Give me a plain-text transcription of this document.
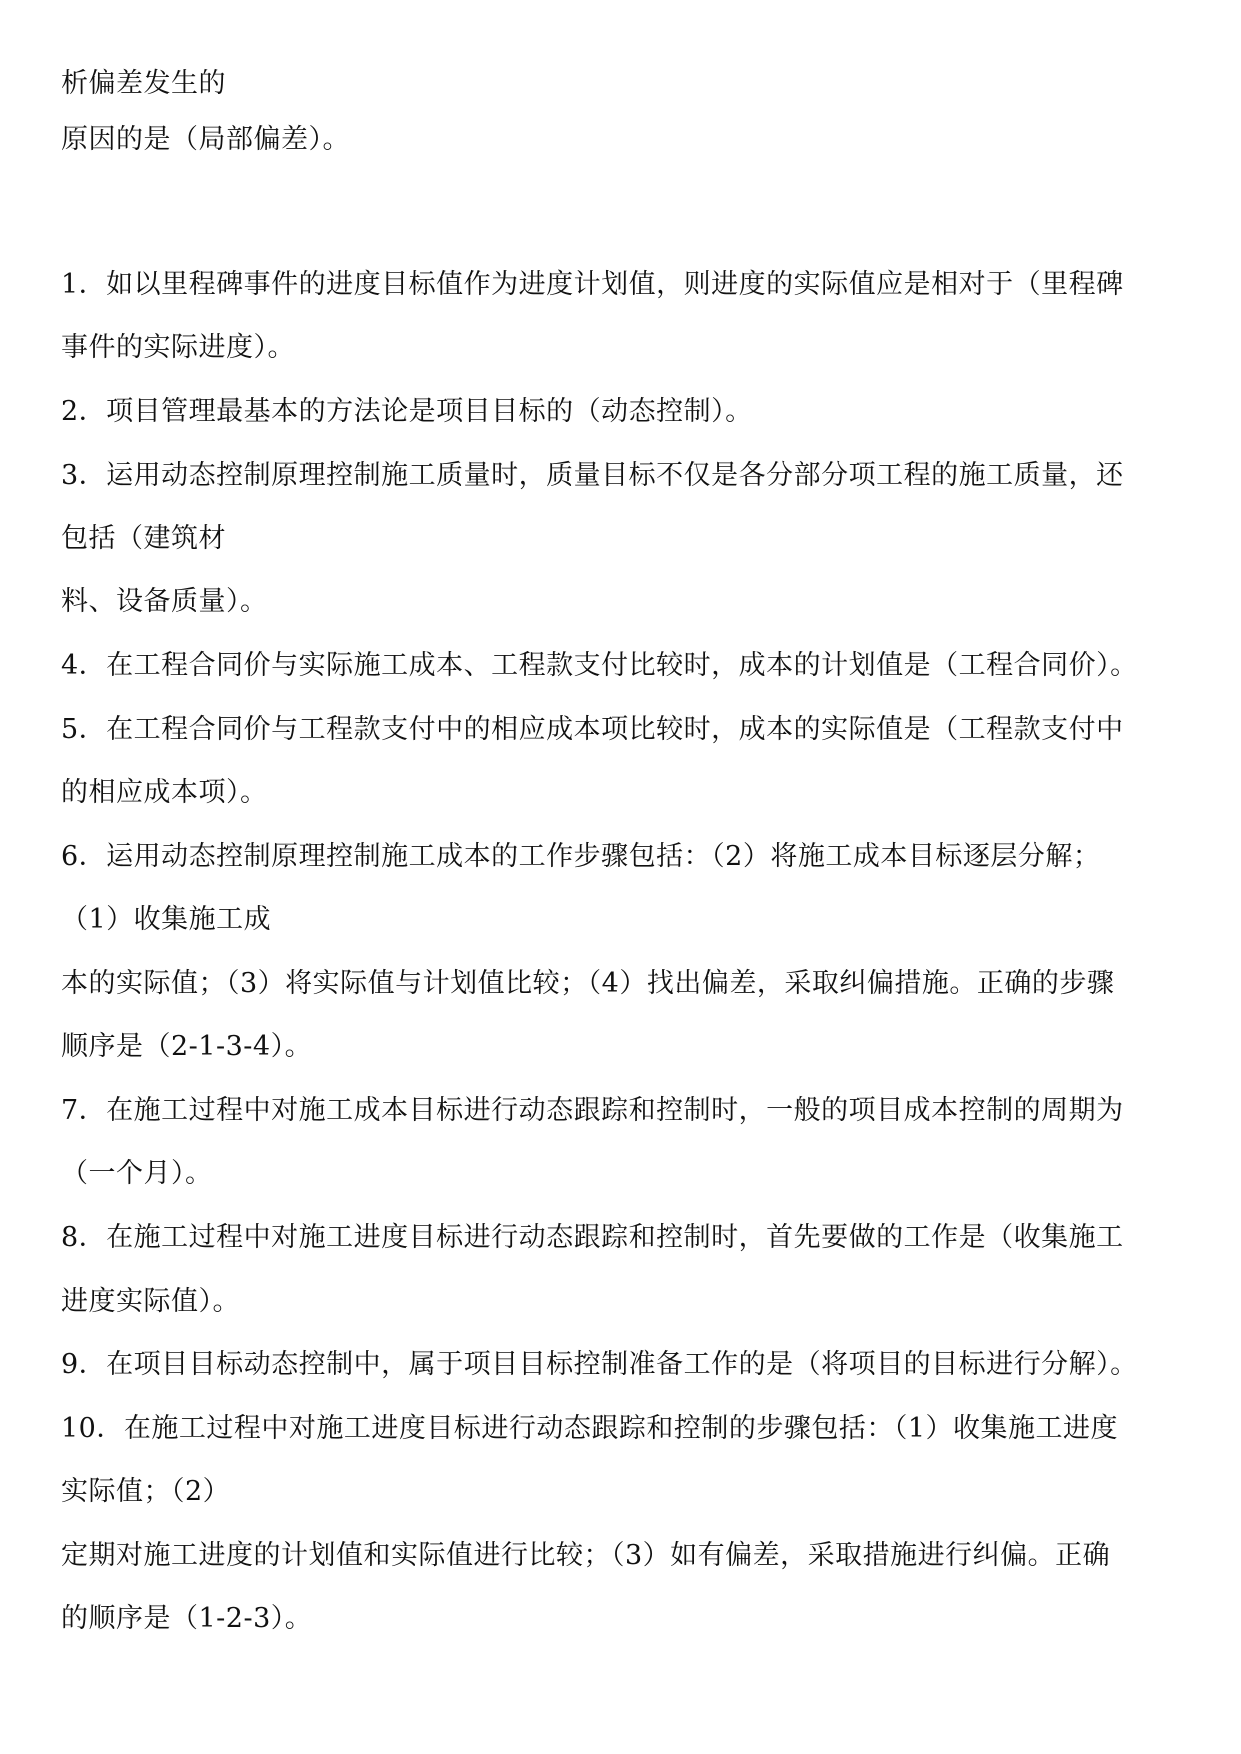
析偏差发生的
原因的是（局部偏差）。
1．如以里程碑事件的进度目标值作为进度计划值，则进度的实际值应是相对于（里程碑
事件的实际进度）。
2．项目管理最基本的方法论是项目目标的（动态控制）。
3．运用动态控制原理控制施工质量时，质量目标不仅是各分部分项工程的施工质量，还
包括（建筑材
料、设备质量）。
4．在工程合同价与实际施工成本、工程款支付比较时，成本的计划值是（工程合同价）。
5．在工程合同价与工程款支付中的相应成本项比较时，成本的实际值是（工程款支付中
的相应成本项）。
6．运用动态控制原理控制施工成本的工作步骤包括：（2）将施工成本目标逐层分解；
（1）收集施工成
本的实际值；（3）将实际值与计划值比较；（4）找出偏差，采取纠偏措施。正确的步骤
顺序是（2-1-3-4）。
7．在施工过程中对施工成本目标进行动态跟踪和控制时，一般的项目成本控制的周期为
（一个月）。
8．在施工过程中对施工进度目标进行动态跟踪和控制时，首先要做的工作是（收集施工
进度实际值）。
9．在项目目标动态控制中，属于项目目标控制准备工作的是（将项目的目标进行分解）。
10．在施工过程中对施工进度目标进行动态跟踪和控制的步骤包括：（1）收集施工进度
实际值；（2）
定期对施工进度的计划值和实际值进行比较；（3）如有偏差，采取措施进行纠偏。正确
的顺序是（1-2-3）。
